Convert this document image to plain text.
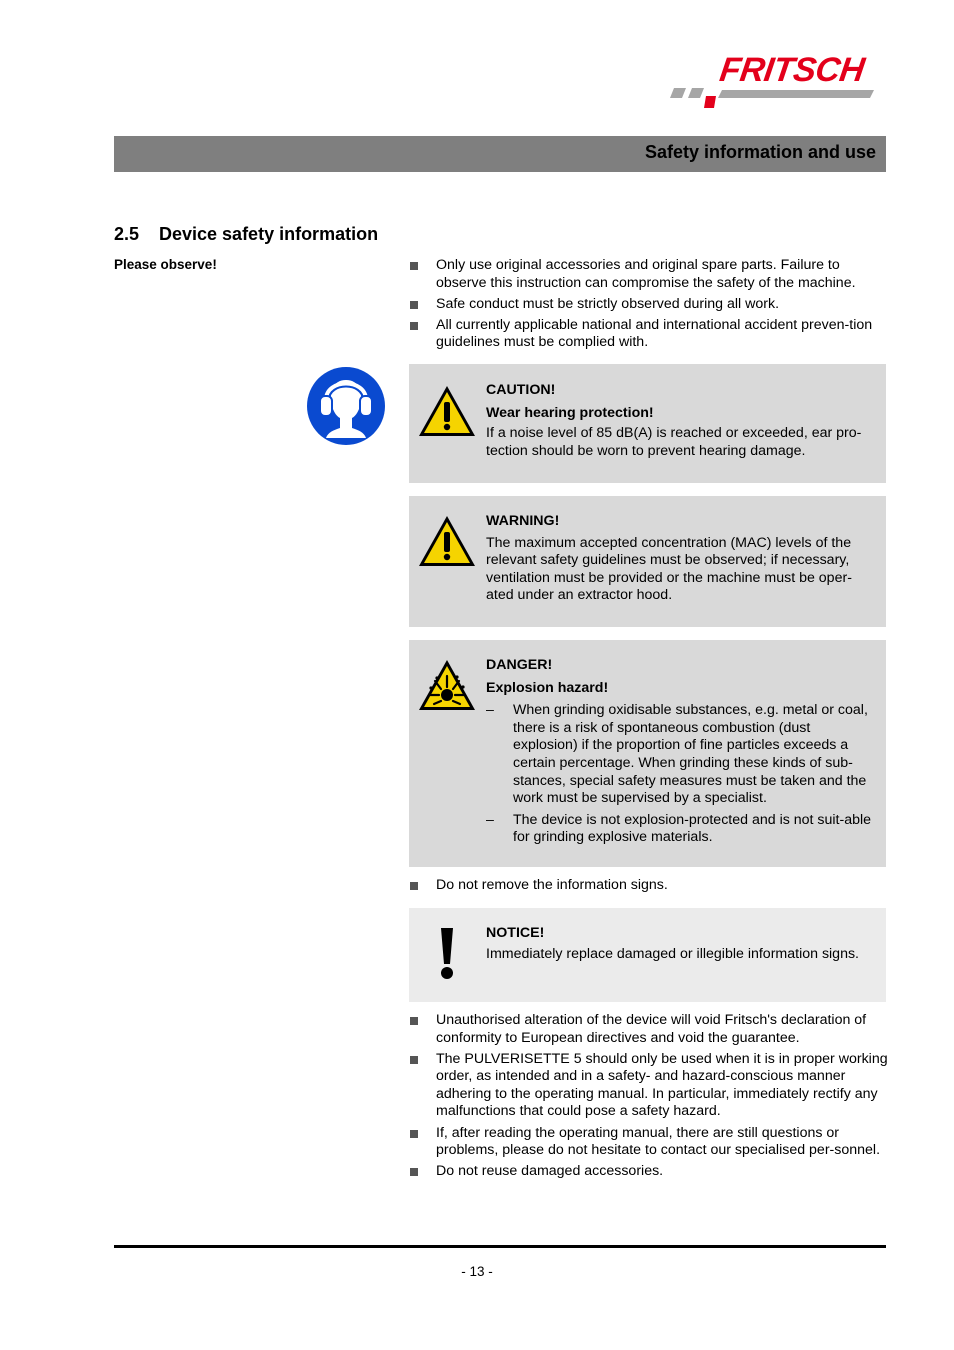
FRITSCH
Safety information and use
2.5 Device safety information
Please observe!	Only use original accessories and original spare parts. Failure to observe this instruction can compromise the safety of the machine.
Safe conduct must be strictly observed during all work.
All currently applicable national and international accident preven-tion guidelines must be complied with.
CAUTION!
Wear hearing protection!
If a noise level of 85 dB(A) is reached or exceeded, ear pro-tection should be worn to prevent hearing damage.
WARNING!
The maximum accepted concentration (MAC) levels of the relevant safety guidelines must be observed; if necessary, ventilation must be provided or the machine must be oper-ated under an extractor hood.
DANGER!
Explosion hazard!
– When grinding oxidisable substances, e.g. metal or coal, there is a risk of spontaneous combustion (dust explosion) if the proportion of fine particles exceeds a certain percentage. When grinding these kinds of sub-stances, special safety measures must be taken and the work must be supervised by a specialist.
– The device is not explosion-protected and is not suit-able for grinding explosive materials.
Do not remove the information signs.
NOTICE!
Immediately replace damaged or illegible information signs.
Unauthorised alteration of the device will void Fritsch's declaration of conformity to European directives and void the guarantee.
The PULVERISETTE 5 should only be used when it is in proper working order, as intended and in a safety- and hazard-conscious manner adhering to the operating manual. In particular, immediately rectify any malfunctions that could pose a safety hazard.
If, after reading the operating manual, there are still questions or problems, please do not hesitate to contact our specialised per-sonnel.
Do not reuse damaged accessories.
- 13 -
